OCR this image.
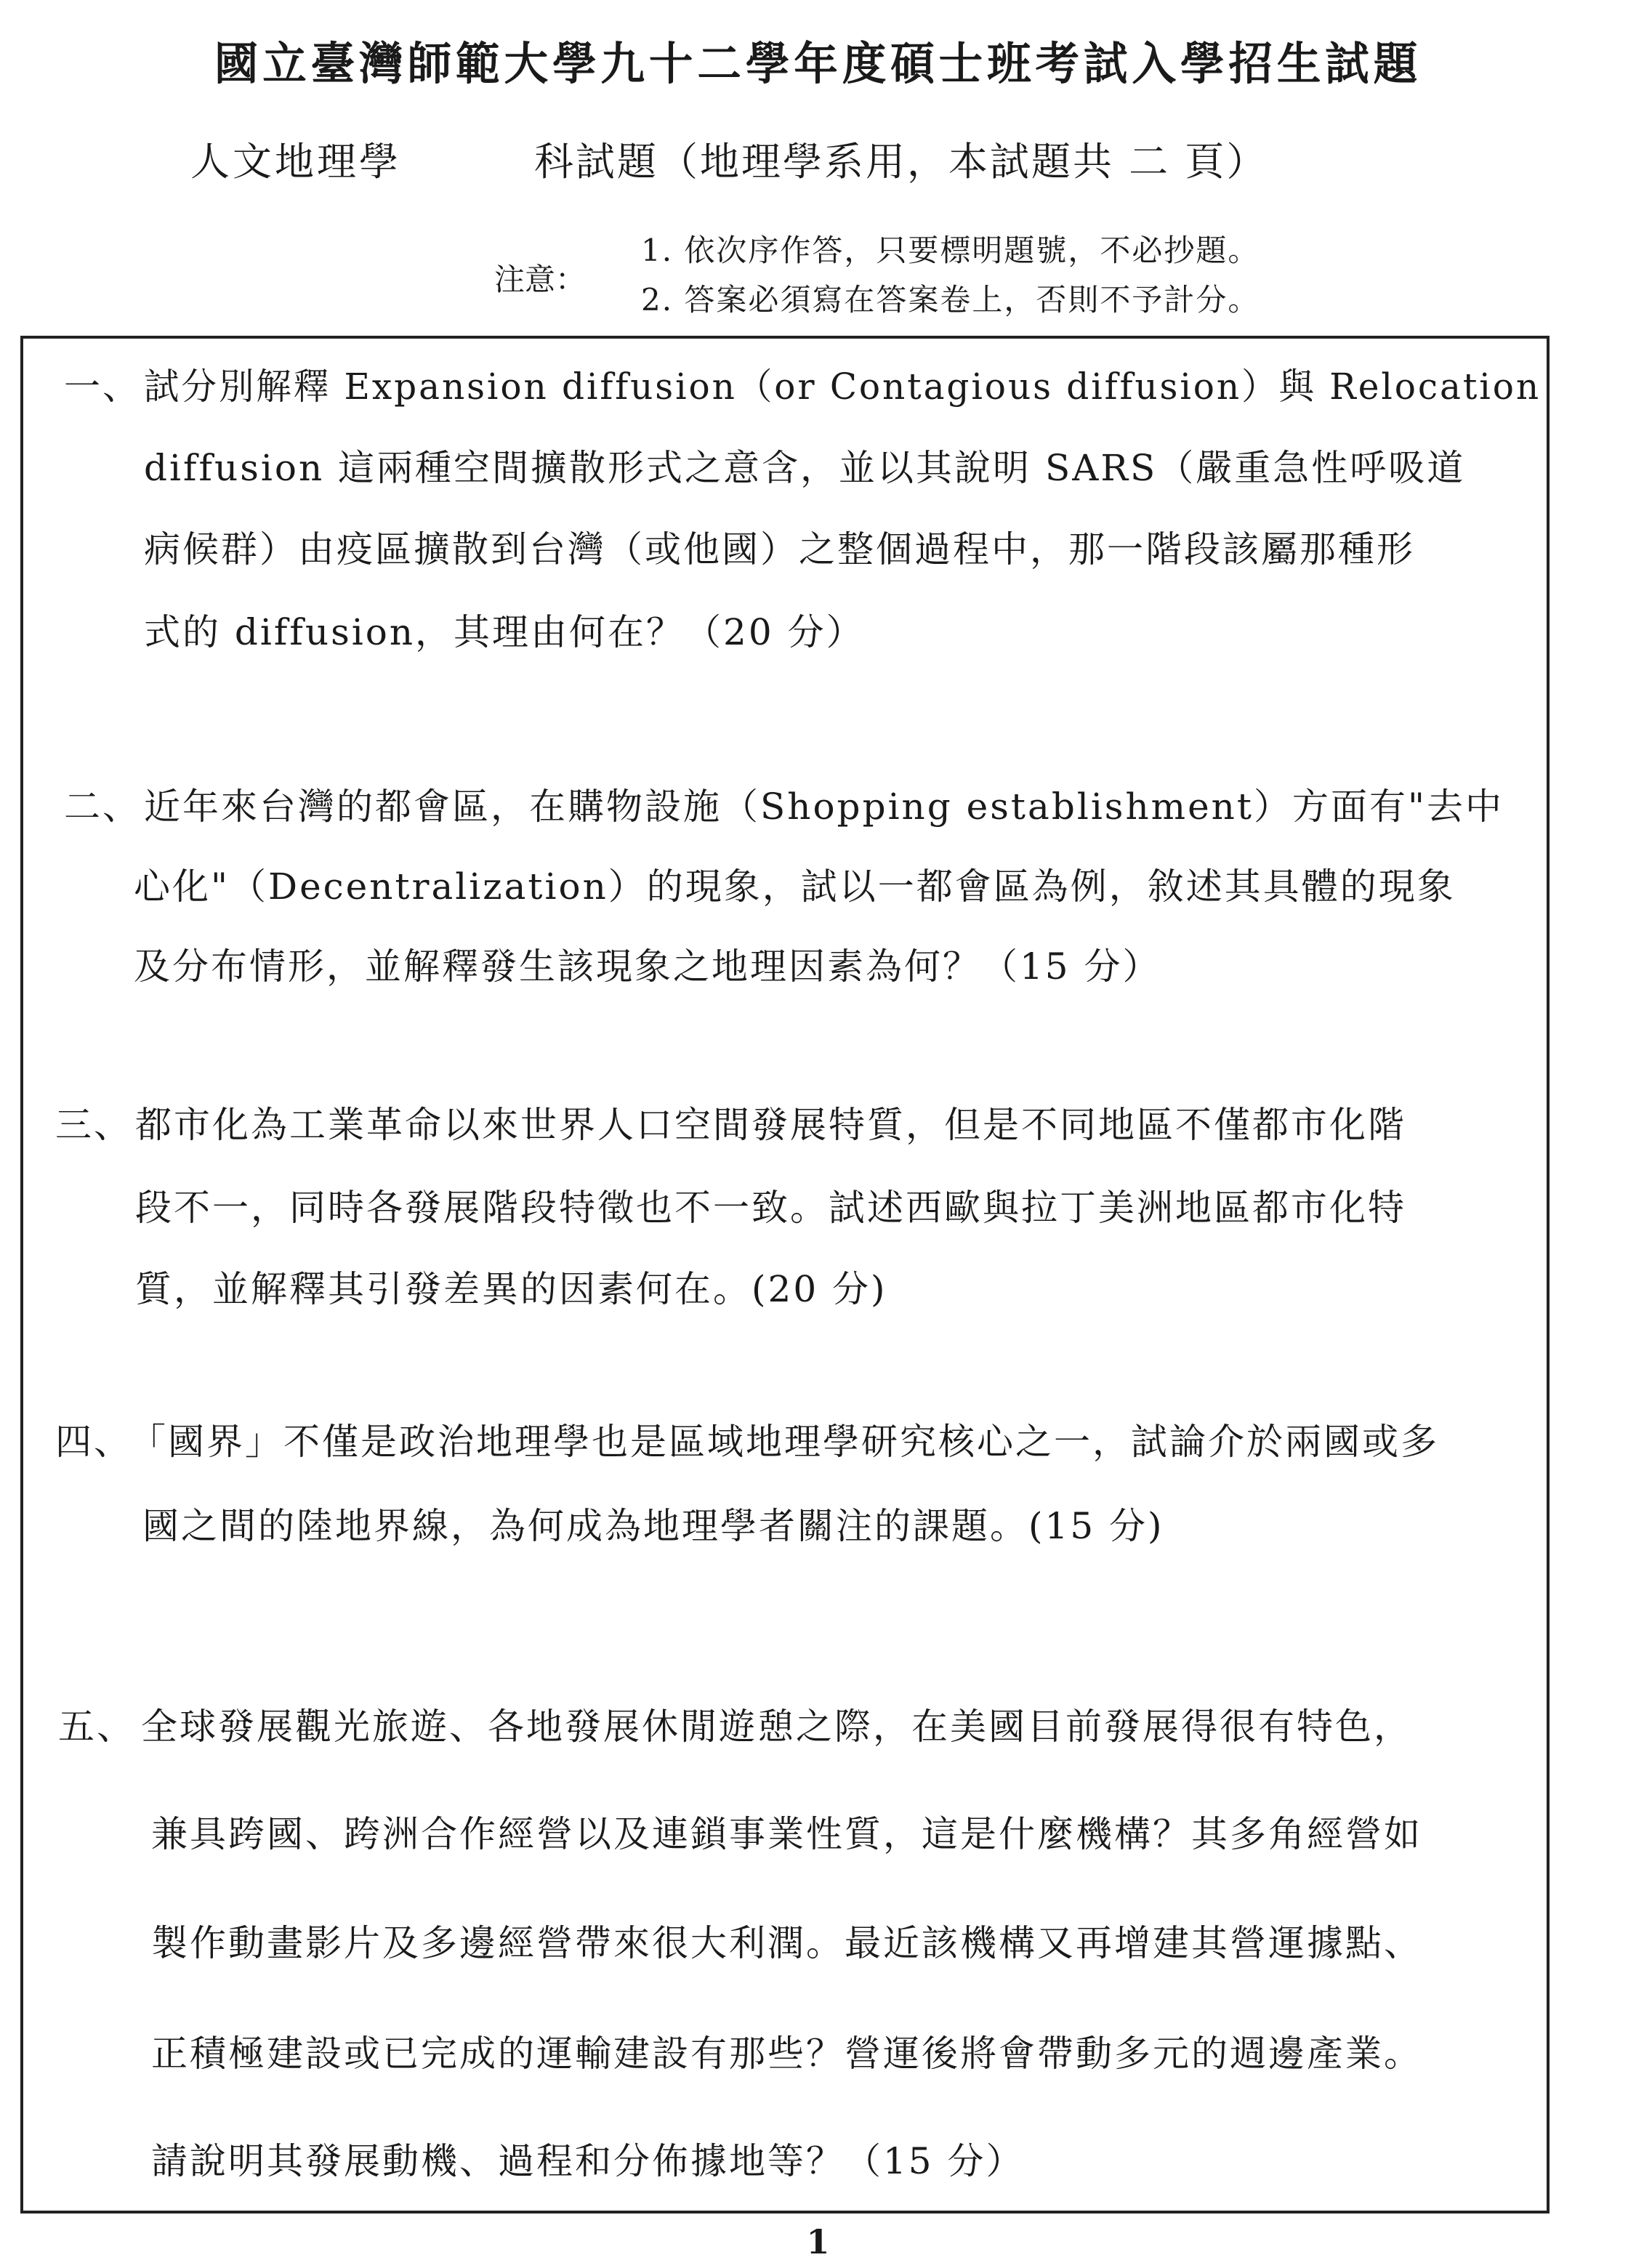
國立臺灣師範大學九十二學年度碩士班考試入學招生試題
人文地理學	科試題（地理學系用，本試題共 二 頁）
注意：
1. 依次序作答，只要標明題號，不必抄題。
2. 答案必須寫在答案卷上，否則不予計分。
一、 試分別解釋 Expansion diffusion（or Contagious diffusion）與 Relocation
diffusion 這兩種空間擴散形式之意含，並以其說明 SARS（嚴重急性呼吸道
病候群）由疫區擴散到台灣（或他國）之整個過程中，那一階段該屬那種形
式的 diffusion，其理由何在？（20 分）
二、 近年來台灣的都會區，在購物設施（Shopping establishment）方面有"去中
心化"（Decentralization）的現象，試以一都會區為例，敘述其具體的現象
及分布情形，並解釋發生該現象之地理因素為何？（15 分）
三、 都市化為工業革命以來世界人口空間發展特質，但是不同地區不僅都市化階
段不一，同時各發展階段特徵也不一致。試述西歐與拉丁美洲地區都市化特
質，並解釋其引發差異的因素何在。(20 分)
四、
「國界」不僅是政治地理學也是區域地理學研究核心之一，試論介於兩國或多
國之間的陸地界線，為何成為地理學者關注的課題。(15 分)
五、 全球發展觀光旅遊、各地發展休閒遊憩之際，在美國目前發展得很有特色，
兼具跨國、跨洲合作經營以及連鎖事業性質，這是什麼機構？其多角經營如
製作動畫影片及多邊經營帶來很大利潤。最近該機構又再增建其營運據點、
正積極建設或已完成的運輸建設有那些？營運後將會帶動多元的週邊產業。
請說明其發展動機、過程和分佈據地等？（15 分）
1
